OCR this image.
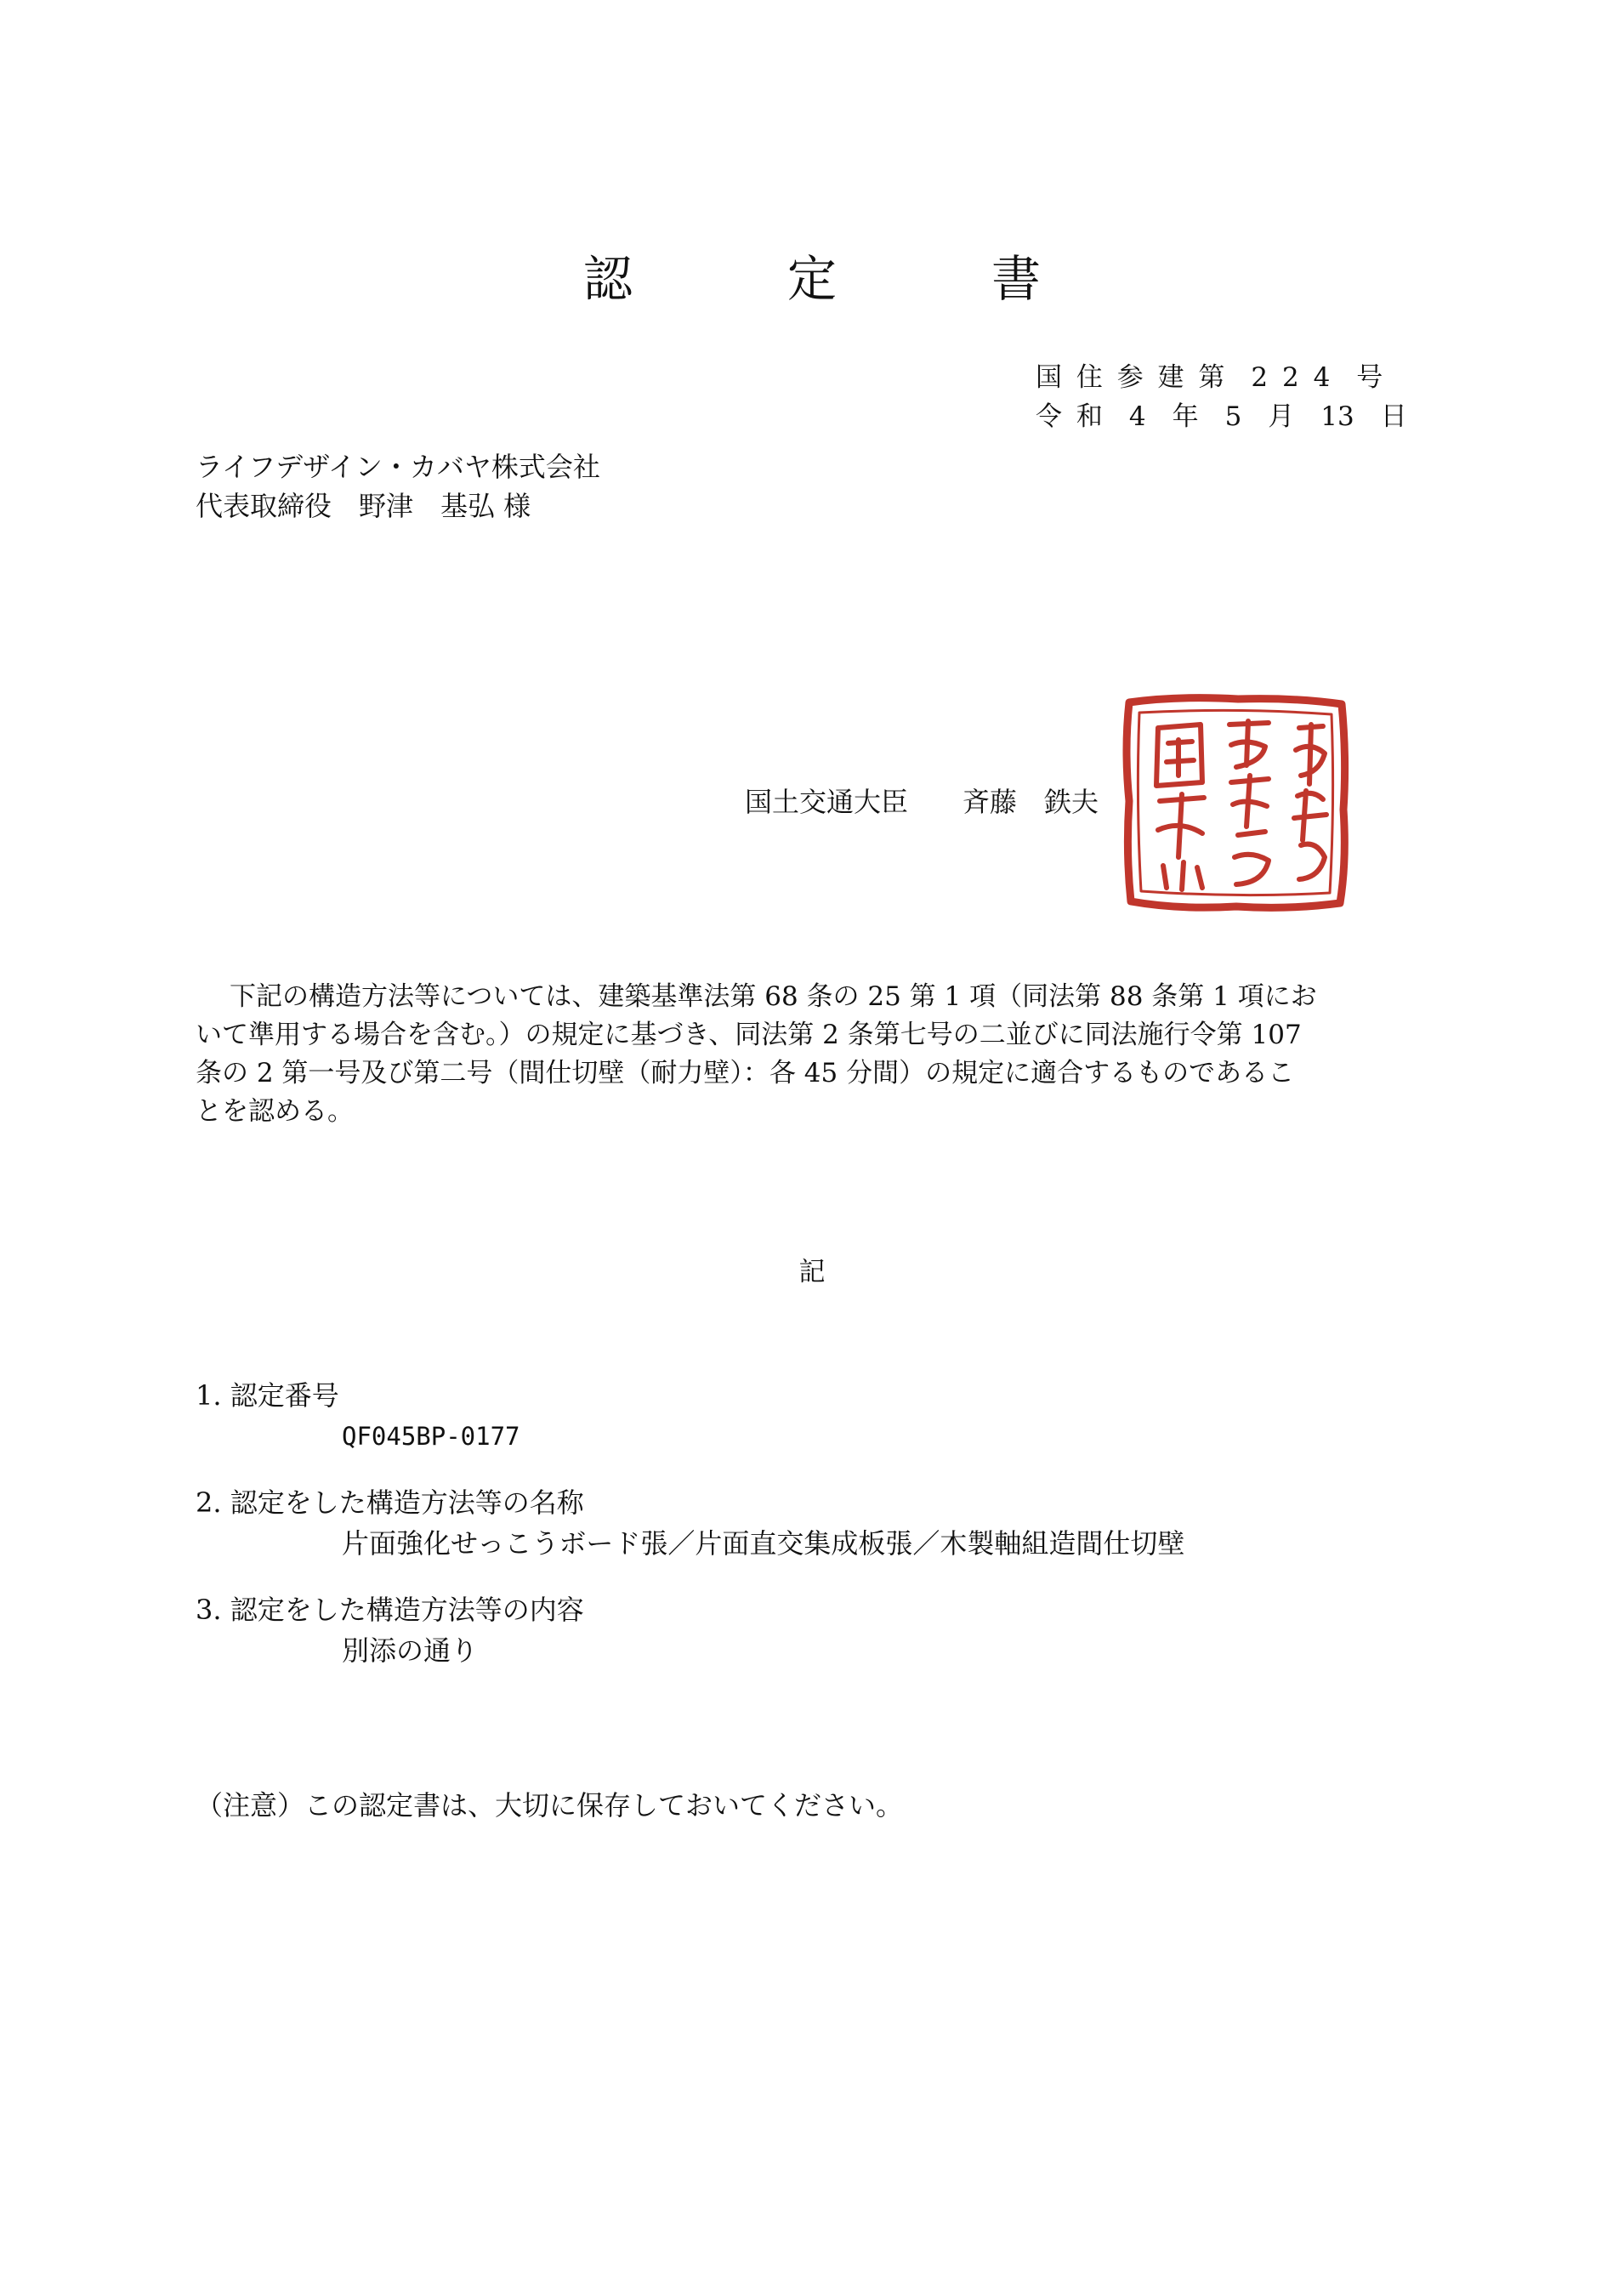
認　定　書
国 住 参 建 第　2 2 4　号
令 和　4　年　5　月　13　日
ライフデザイン・カバヤ株式会社
代表取締役　野津　基弘 様
国土交通大臣　　斉藤　鉄夫
下記の構造方法等については、建築基準法第 68 条の 25 第 1 項（同法第 88 条第 1 項にお
いて準用する場合を含む。）の規定に基づき、同法第 2 条第七号の二並びに同法施行令第 107
条の 2 第一号及び第二号（間仕切壁（耐力壁）：各 45 分間）の規定に適合するものであるこ
とを認める。
記
1. 認定番号
QF045BP-0177
2. 認定をした構造方法等の名称
片面強化せっこうボード張／片面直交集成板張／木製軸組造間仕切壁
3. 認定をした構造方法等の内容
別添の通り
（注意）この認定書は、大切に保存しておいてください。
